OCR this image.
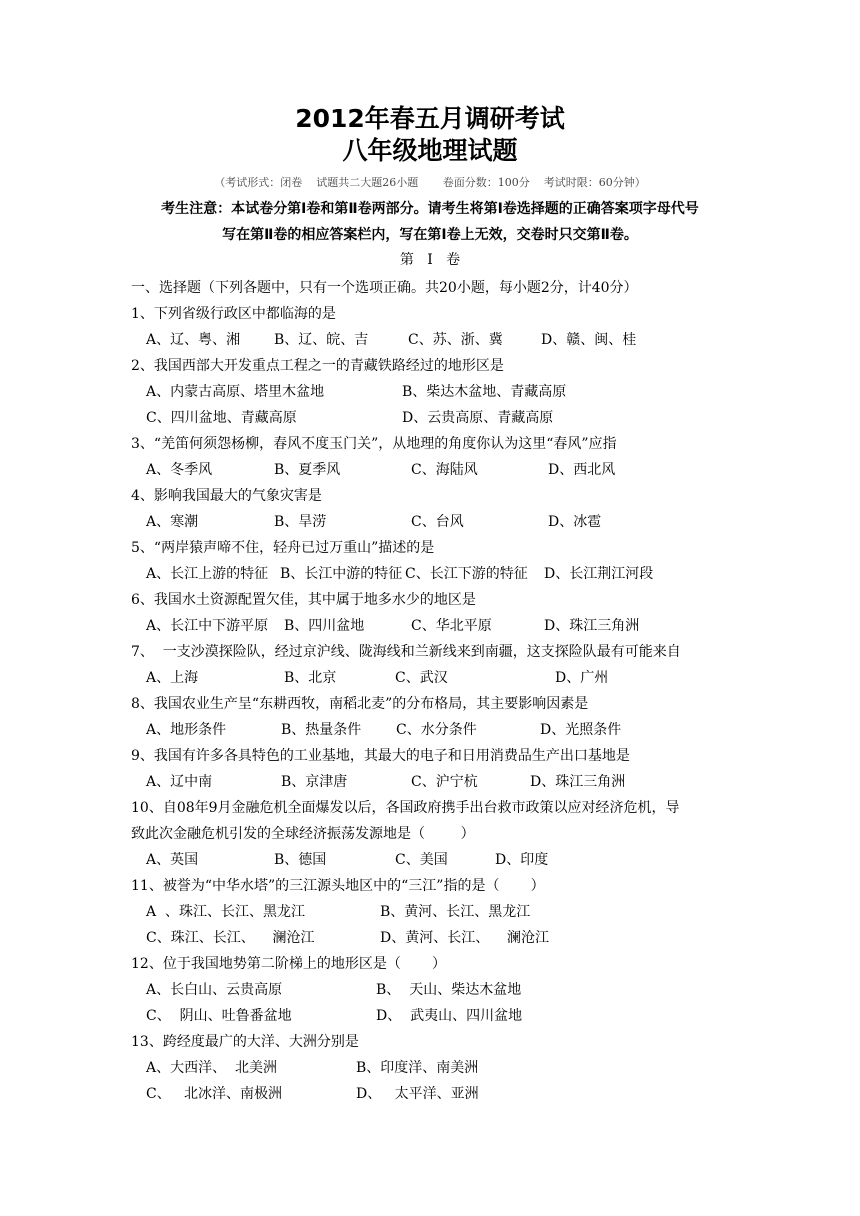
2012年春五月调研考试
八年级地理试题
（考试形式：闭卷    试题共二大题26小题       卷面分数：100分    考试时限：60分钟）
考生注意：本试卷分第Ⅰ卷和第Ⅱ卷两部分。请考生将第Ⅰ卷选择题的正确答案项字母代号
写在第Ⅱ卷的相应答案栏内，写在第Ⅰ卷上无效，交卷时只交第Ⅱ卷。
第   Ⅰ   卷
一、选择题（下列各题中，只有一个选项正确。共20小题，每小题2分，计40分）
1、下列省级行政区中都临海的是
A、辽、粤、湘 B、辽、皖、吉	C、苏、浙、冀	D、赣、闽、桂
2、我国西部大开发重点工程之一的青藏铁路经过的地形区是
A、内蒙古高原、塔里木盆地	B、柴达木盆地、青藏高原
C、四川盆地、青藏高原	D、云贵高原、青藏高原
3、“羌笛何须怨杨柳，春风不度玉门关”，从地理的角度你认为这里“春风”应指
A、冬季风	B、夏季风	C、海陆风	D、西北风
4、影响我国最大的气象灾害是
A、寒潮	B、旱涝	C、台风	D、冰雹
5、“两岸猿声啼不住，轻舟已过万重山”描述的是
A、长江上游的特征 B、长江中游的特征 C、长江下游的特征 D、长江荆江河段
6、我国水土资源配置欠佳，其中属于地多水少的地区是
A、长江中下游平原 B、四川盆地	C、华北平原	D、珠江三角洲
7、  一支沙漠探险队，经过京沪线、陇海线和兰新线来到南疆，这支探险队最有可能来自
A、上海	B、北京	C、武汉	D、广州
8、我国农业生产呈“东耕西牧，南稻北麦”的分布格局，其主要影响因素是
A、地形条件	B、热量条件 C、水分条件	D、光照条件
9、我国有许多各具特色的工业基地，其最大的电子和日用消费品生产出口基地是
A、辽中南	B、京津唐	C、沪宁杭	D、珠江三角洲
10、自08年9月金融危机全面爆发以后，各国政府携手出台救市政策以应对经济危机，导
致此次金融危机引发的全球经济振荡发源地是（        ）
A、英国	B、德国	C、美国	D、印度
11、被誉为“中华水塔”的三江源头地区中的“三江”指的是（       ）
A  、珠江、长江、黑龙江	B、黄河、长江、黑龙江
C、珠江、长江、    澜沧江	D、黄河、长江、    澜沧江
12、位于我国地势第二阶梯上的地形区是（       ）
A、长白山、云贵高原	B、  天山、柴达木盆地
C、  阴山、吐鲁番盆地	D、  武夷山、四川盆地
13、跨经度最广的大洋、大洲分别是
A、大西洋、  北美洲	B、印度洋、南美洲
C、   北冰洋、南极洲	D、   太平洋、亚洲
